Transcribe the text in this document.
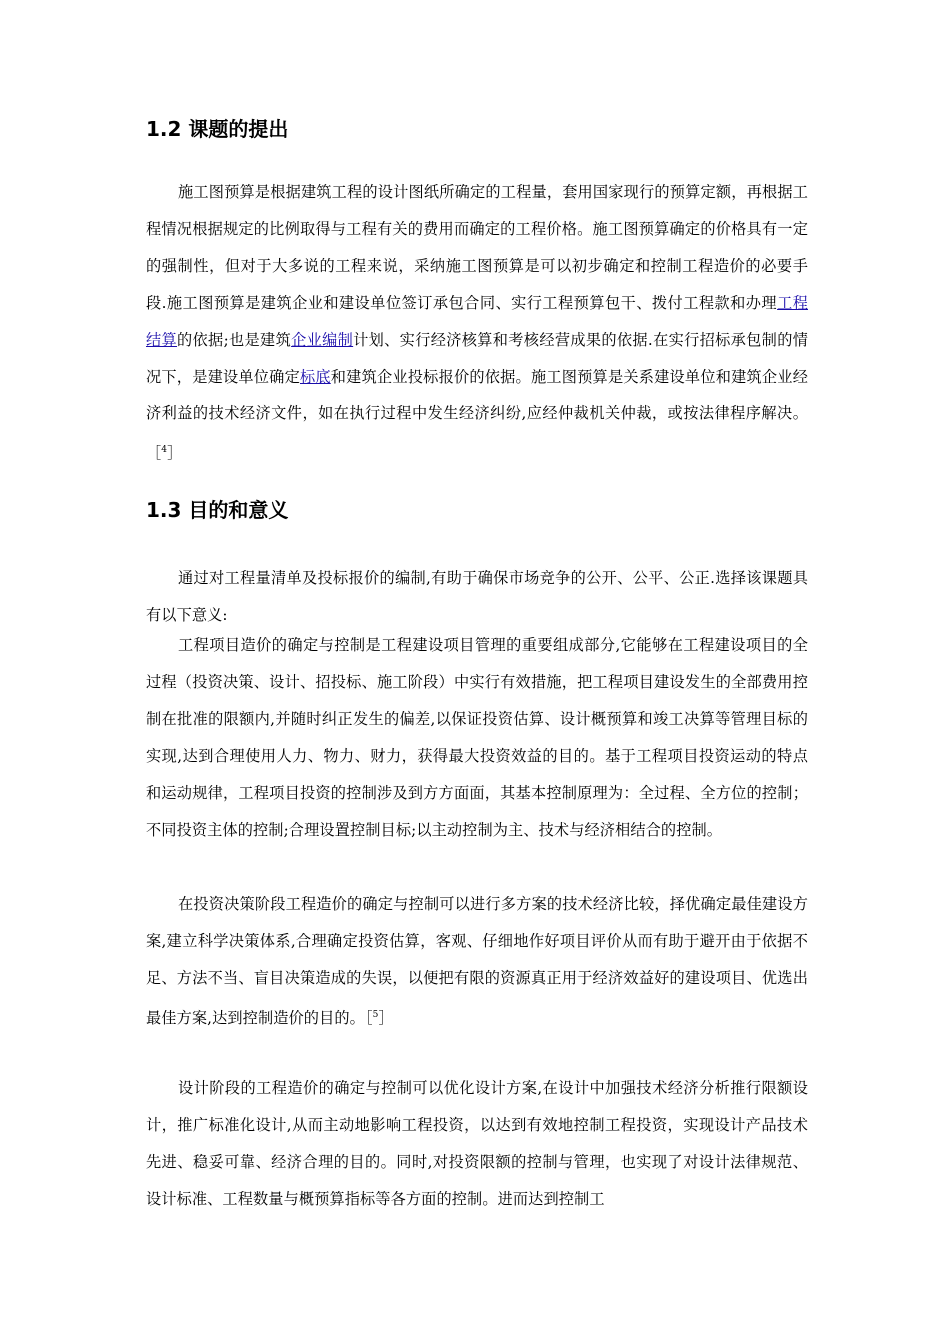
1.2 课题的提出

施工图预算是根据建筑工程的设计图纸所确定的工程量，套用国家现行的预算定额，再根据工程情况根据规定的比例取得与工程有关的费用而确定的工程价格。施工图预算确定的价格具有一定的强制性，但对于大多说的工程来说，采纳施工图预算是可以初步确定和控制工程造价的必要手段.施工图预算是建筑企业和建设单位签订承包合同、实行工程预算包干、拨付工程款和办理工程结算的依据;也是建筑企业编制计划、实行经济核算和考核经营成果的依据.在实行招标承包制的情况下，是建设单位确定标底和建筑企业投标报价的依据。施工图预算是关系建设单位和建筑企业经济利益的技术经济文件，如在执行过程中发生经济纠纷,应经仲裁机关仲裁，或按法律程序解决。［$^4$］

1.3 目的和意义

通过对工程量清单及投标报价的编制,有助于确保市场竞争的公开、公平、公正.选择该课题具有以下意义:

工程项目造价的确定与控制是工程建设项目管理的重要组成部分,它能够在工程建设项目的全过程（投资决策、设计、招投标、施工阶段）中实行有效措施，把工程项目建设发生的全部费用控制在批准的限额内,并随时纠正发生的偏差,以保证投资估算、设计概预算和竣工决算等管理目标的实现,达到合理使用人力、物力、财力，获得最大投资效益的目的。基于工程项目投资运动的特点和运动规律，工程项目投资的控制涉及到方方面面，其基本控制原理为：全过程、全方位的控制；不同投资主体的控制;合理设置控制目标;以主动控制为主、技术与经济相结合的控制。

在投资决策阶段工程造价的确定与控制可以进行多方案的技术经济比较，择优确定最佳建设方案,建立科学决策体系,合理确定投资估算，客观、仔细地作好项目评价从而有助于避开由于依据不足、方法不当、盲目决策造成的失误，以便把有限的资源真正用于经济效益好的建设项目、优选出最佳方案,达到控制造价的目的。［$^5$］

设计阶段的工程造价的确定与控制可以优化设计方案,在设计中加强技术经济分析推行限额设计，推广标准化设计,从而主动地影响工程投资，以达到有效地控制工程投资，实现设计产品技术先进、稳妥可靠、经济合理的目的。同时,对投资限额的控制与管理，也实现了对设计法律规范、设计标准、工程数量与概预算指标等各方面的控制。进而达到控制工
